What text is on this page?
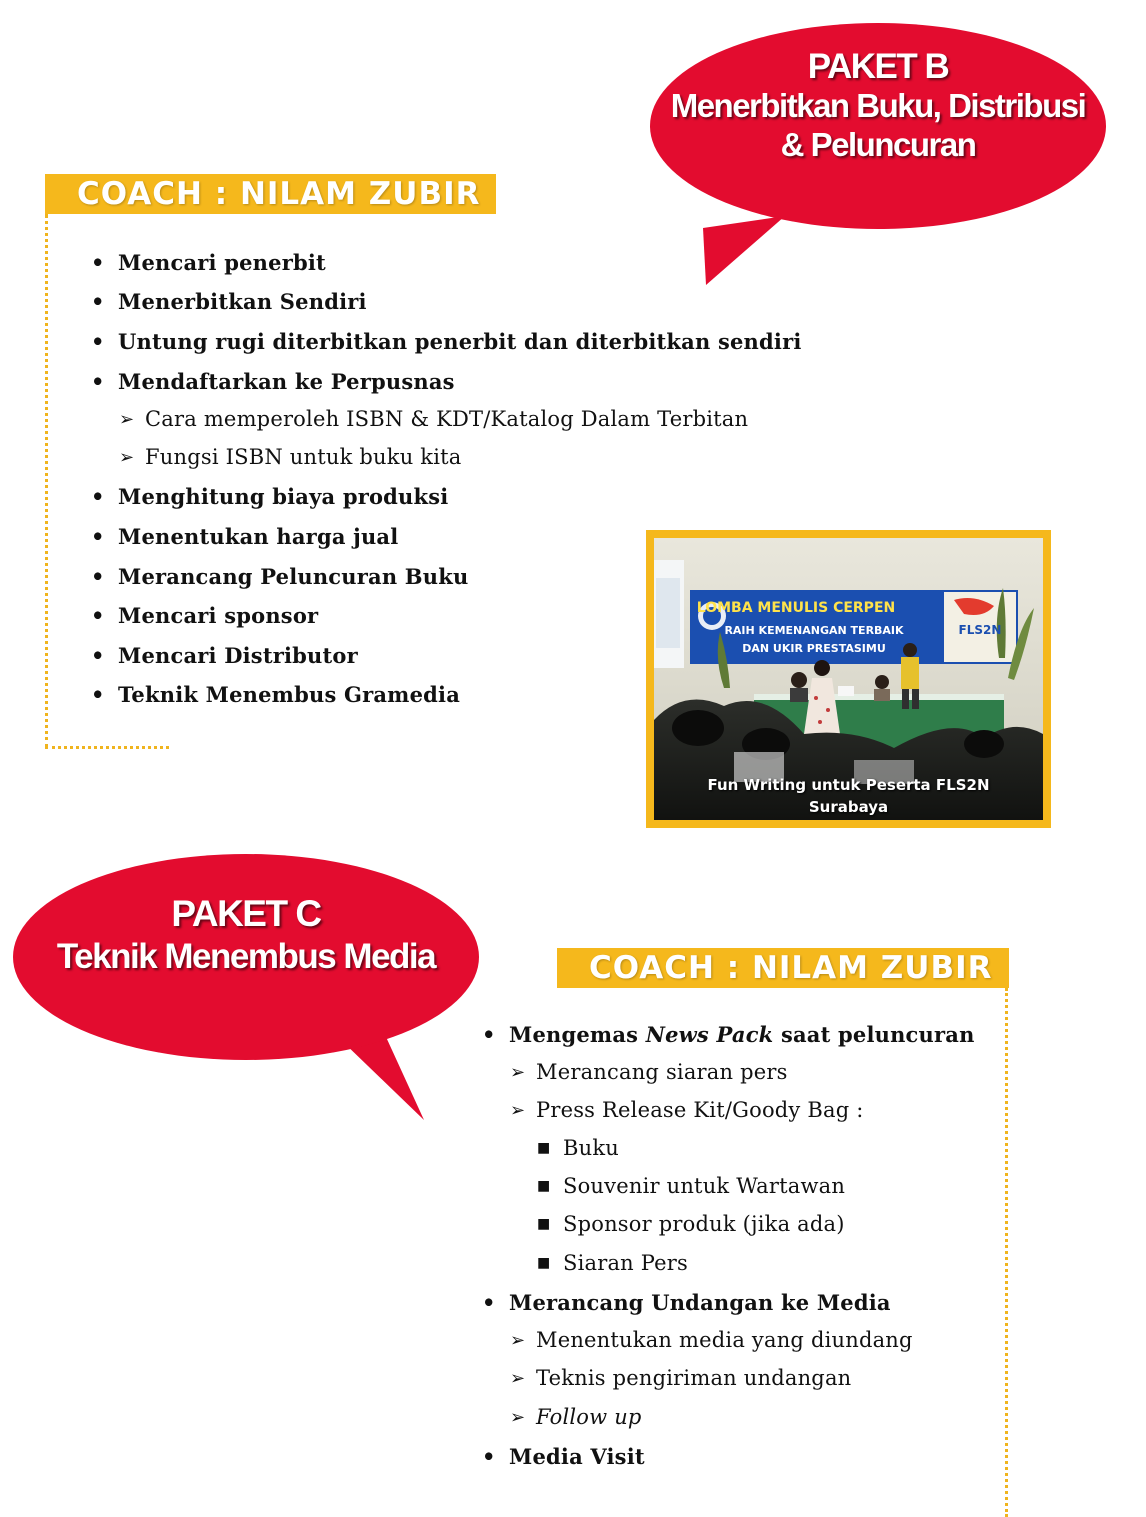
PAKET B
Menerbitkan Buku, Distribusi
& Peluncuran
COACH : NILAM ZUBIR
• Mencari penerbit
• Menerbitkan Sendiri
• Untung rugi diterbitkan penerbit dan diterbitkan sendiri
• Mendaftarkan ke Perpusnas
➢ Cara memperoleh ISBN & KDT/Katalog Dalam Terbitan
➢ Fungsi ISBN untuk buku kita
• Menghitung biaya produksi
• Menentukan harga jual
• Merancang Peluncuran Buku
• Mencari sponsor
• Mencari Distributor
• Teknik Menembus Gramedia
LOMBA MENULIS CERPEN
RAIH KEMENANGAN TERBAIK
DAN UKIR PRESTASIMU
FLS2N
Fun Writing untuk Peserta FLS2N
Surabaya
PAKET C
Teknik Menembus Media	COACH : NILAM ZUBIR
• Mengemas News Pack saat peluncuran
➢ Merancang siaran pers
➢ Press Release Kit/Goody Bag :
■ Buku
■ Souvenir untuk Wartawan
■ Sponsor produk (jika ada)
■ Siaran Pers
• Merancang Undangan ke Media
➢ Menentukan media yang diundang
➢ Teknis pengiriman undangan
➢ Follow up
• Media Visit
